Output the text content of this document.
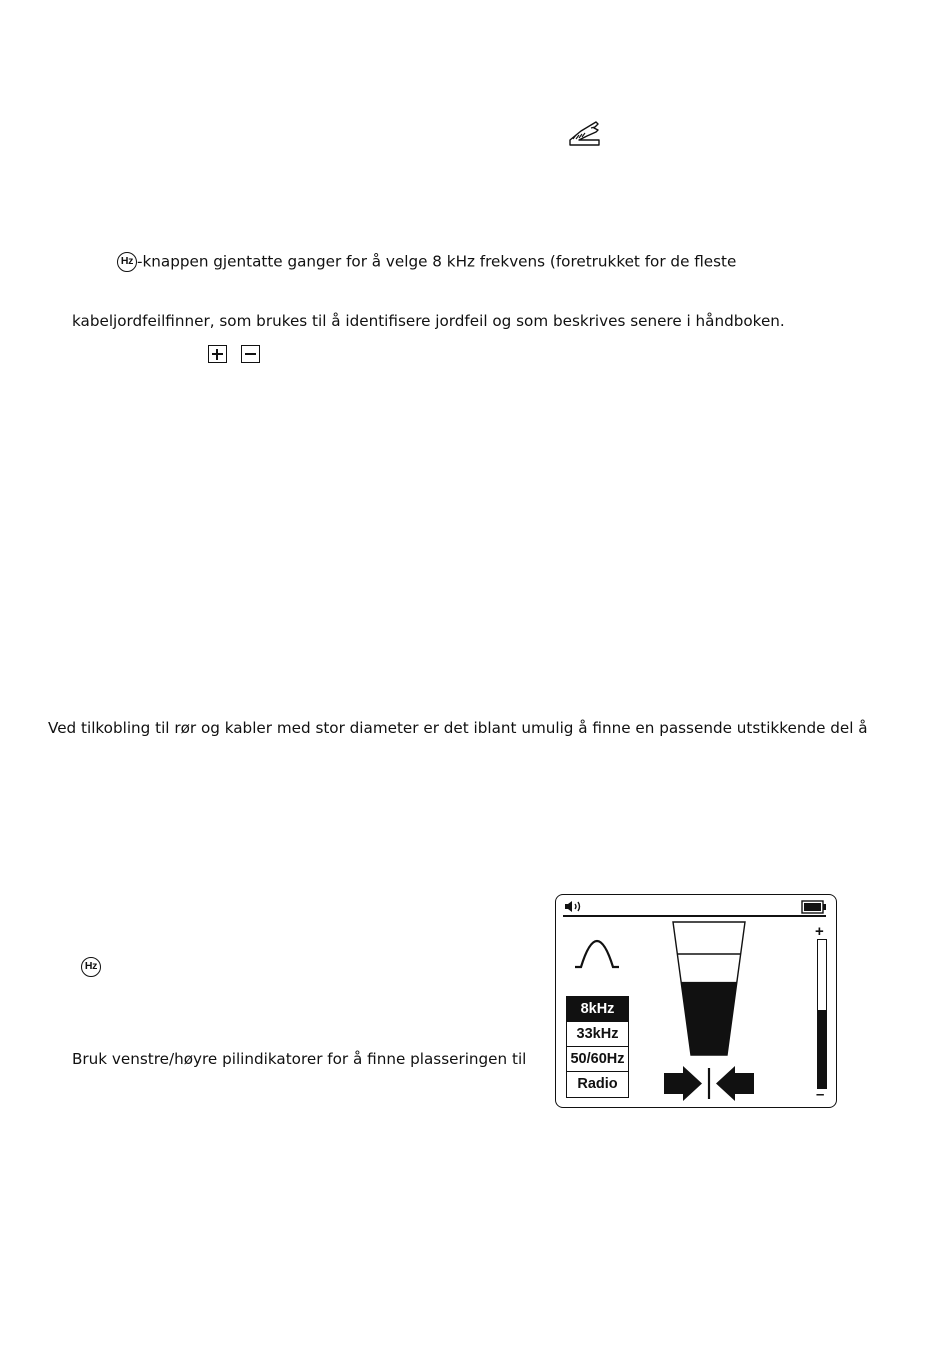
Hz -knappen gjentatte ganger for å velge 8 kHz frekvens (foretrukket for de fleste
kabeljordfeilfinner, som brukes til å identifisere jordfeil og som beskrives senere i håndboken.
Ved tilkobling til rør og kabler med stor diameter er det iblant umulig å finne en passende utstikkende del å
Hz
Bruk venstre/høyre pilindikatorer for å finne plasseringen til
8kHz
33kHz
50/60Hz
Radio
+
–
